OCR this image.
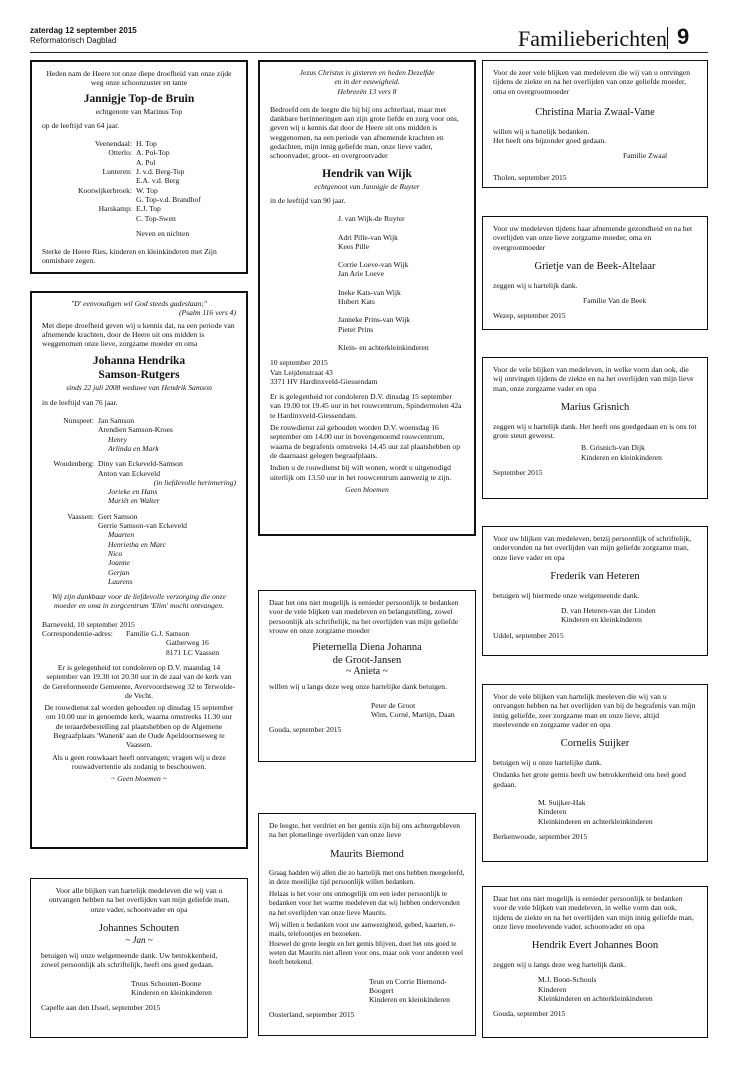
zaterdag 12 september 2015
Reformatorisch Dagblad	Familieberichten 9

Heden nam de Heere tot onze diepe droefheid van onze zijde weg onze schoonzuster en tante

Jannigje Top-de Bruin
echtgenote van Marinus Top

op de leeftijd van 64 jaar.

Veenendaal:	H. Top
Otterlo:	A. Pol-Top
	A. Pol
Lunteren:	J. v.d. Berg-Top
	E.A. v.d. Berg
Kootwijkerbroek:	W. Top
	G. Top-v.d. Brandhof
Harskamp:	E.J. Top
	C. Top-Swen

Neven en nichten

Sterke de Heere Ries, kinderen en kleinkinderen met Zijn onmisbare zegen.

"D' eenvoudigen wil God steeds gadeslaan;"

(Psalm 116 vers 4)

Met diepe droefheid geven wij u kennis dat, na een periode van afnemende krachten, door de Heere uit ons midden is weggenomen onze lieve, zorgzame moeder en oma

Johanna Hendrika
Samson-Rutgers
sinds 22 juli 2008 weduwe van Hendrik Samson

in de leeftijd van 76 jaar.

Nunspeet:	Jan Samson
	Arendien Samson-Kroes
Henry
Arlinda en Mark
Woudenberg:	Diny van Eckeveld-Samson
	Anton van Eckeveld
(in liefdevolle herinnering)
Jorieke en Hans
Mariët en Walter
Vaassen:	Gert Samson
	Gerrie Samson-van Eckeveld
Maarten
Henrietha en Marc
Nico
Joanne
Gerjan
Laurens

Wij zijn dankbaar voor de liefdevolle verzorging die onze moeder en oma in zorgcentrum 'Elim' mocht ontvangen.

Barneveld, 10 september 2015

Correspondentie-adres:	Familie G.J. Samson
	Gatherweg 16
	8171 LC Vaassen

Er is gelegenheid tot condoleren op D.V. maandag 14 september van 19.30 tot 20.30 uur in de zaal van de kerk van de Gereformeerde Gemeente, Avervoordseweg 32 te Terwolde-de Vecht.

De rouwdienst zal worden gehouden op dinsdag 15 september om 10.00 uur in genoemde kerk, waarna omstreeks 11.30 uur de teraardebestelling zal plaatshebben op de Algemene Begraafplaats 'Wanenk' aan de Oude Apeldoornseweg te Vaassen.

Als u geen rouwkaart heeft ontvangen; vragen wij u deze rouwadvertentie als zodanig te beschouwen.

~ Geen bloemen ~

Voor alle blijken van hartelijk medeleven die wij van u ontvangen hebben na het overlijden van mijn geliefde man, onze vader, schoonvader en opa

Johannes Schouten
~ Jan ~

betuigen wij onze welgemeende dank. Uw betrokkenheid, zowel persoonlijk als schriftelijk, heeft ons goed gedaan.

Truus Schouten-Boone
Kinderen en kleinkinderen

Capelle aan den IJssel, september 2015

Jezus Christus is gisteren en heden Dezelfde

en in der eeuwigheid.

Hebreeën 13 vers 8

Bedroefd om de leegte die hij bij ons achterlaat, maar met dankbare herinneringen aan zijn grote liefde en zorg voor ons, geven wij u kennis dat door de Heere uit ons midden is weggenomen, na een periode van afnemende krachten en gedachten, mijn innig geliefde man, onze lieve vader, schoonvader, groot- en overgrootvader

Hendrik van Wijk
echtgenoot van Jannigje de Ruyter

in de leeftijd van 90 jaar.

J. van Wijk-de Ruyter
Adri Pille-van Wijk
Kees Pille
Corrie Loeve-van Wijk
Jan Arie Loeve
Ineke Kats-van Wijk
Hubert Kats
Janneke Prins-van Wijk
Pieter Prins
Klein- en achterkleinkinderen
10 september 2015
Van Leijdenstraat 43
3371 HV Hardinxveld-Giessendam

Er is gelegenheid tot condoleren D.V. dinsdag 15 september van 19.00 tot 19.45 uur in het rouwcentrum, Spindermolen 42a te Hardinxveld-Giessendam.

De rouwdienst zal gehouden worden D.V. woensdag 16 september om 14.00 uur in bovengenoemd rouwcentrum, waarna de begrafenis omstreeks 14.45 uur zal plaatshebben op de daarnaast gelegen begraafplaats.

Indien u de rouwdienst bij wilt wonen, wordt u uitgenodigd uiterlijk om 13.50 uur in het rouwcentrum aanwezig te zijn.

Geen bloemen

Daar het ons niet mogelijk is eenieder persoonlijk te bedanken voor de vele blijken van medeleven en belangstelling, zowel persoonlijk als schriftelijk, na het overlijden van mijn geliefde vrouw en onze zorgzame moeder

Pieternella Diena Johanna
de Groot-Jansen
~ Anieta ~

willen wij u langs deze weg onze hartelijke dank betuigen.

Peter de Groot
Wim, Corné, Martijn, Daan

Gouda, september 2015

De leegte, het verdriet en het gemis zijn bij ons achtergebleven na het plotselinge overlijden van onze lieve

Maurits Biemond

Graag hadden wij allen die zo hartelijk met ons hebben meegeleefd, in deze moeilijke tijd persoonlijk willen bedanken.

Helaas is het voor ons onmogelijk om een ieder persoonlijk te bedanken voor het warme medeleven dat wij hebben ondervonden na het overlijden van onze lieve Maurits.

Wij willen u bedanken voor uw aanwezigheid, gebed, kaarten, e-mails, telefoontjes en bezoeken.

Hoewel de grote leegte en het gemis blijven, doet het ons goed te weten dat Maurits niet alleen voor ons, maar ook voor anderen veel heeft betekend.

Teun en Corrie Biemond-Boogert
Kinderen en kleinkinderen

Oosterland, september 2015

Voor de zeer vele blijken van medeleven die wij van u ontvingen tijdens de ziekte en na het overlijden van onze geliefde moeder, oma en overgrootmoeder

Christina Maria Zwaal-Vane
willen wij u hartelijk bedanken.
Het heeft ons bijzonder goed gedaan.
Familie Zwaal

Tholen, september 2015

Voor uw medeleven tijdens haar afnemende gezondheid en na het overlijden van onze lieve zorgzame moeder, oma en overgrootmoeder

Grietje van de Beek-Altelaar
zeggen wij u hartelijk dank.
Familie Van de Beek

Wezep, september 2015

Voor de vele blijken van medeleven, in welke vorm dan ook, die wij ontvingen tijdens de ziekte en na het overlijden van mijn lieve man, onze zorgzame vader en opa

Marius Grisnich

zeggen wij u hartelijk dank. Het heeft ons goedgedaan en is ons tot grote steun geweest.

B. Grisnich-van Dijk
Kinderen en kleinkinderen

September 2015

Voor uw blijken van medeleven, betzij persoonlijk of schriftelijk, ondervonden na het overlijden van mijn geliefde zorgzame man, onze lieve vader en opa

Frederik van Heteren
betuigen wij hiermede onze welgemeende dank.
D. van Heteren-van der Linden
Kinderen en kleinkinderen

Uddel, september 2015

Voor de vele blijken van hartelijk meeleven die wij van u ontvangen hebben na het overlijden van bij de begrafenis van mijn innig geliefde, zeer zorgzame man en onze lieve, altijd meelevende en zorgzame vader en opa

Cornelis Suijker

betuigen wij u onze hartelijke dank.

Ondanks het grote gemis heeft uw betrokkenheid ons heel goed gedaan.

M. Suijker-Hak
Kinderen
Kleinkinderen en achterkleinkinderen

Berkenwoude, september 2015

Daar het ons niet mogelijk is eenieder persoonlijk te bedanken voor de vele blijken van medeleven, in welke vorm dan ook, tijdens de ziekte en na het overlijden van mijn innig geliefde man, onze lieve meelevende vader, schoonvader en opa

Hendrik Evert Johannes Boon
zeggen wij u langs deze weg hartelijk dank.
M.J. Boon-Schouls
Kinderen
Kleinkinderen en achterkleinkinderen

Gouda, september 2015
